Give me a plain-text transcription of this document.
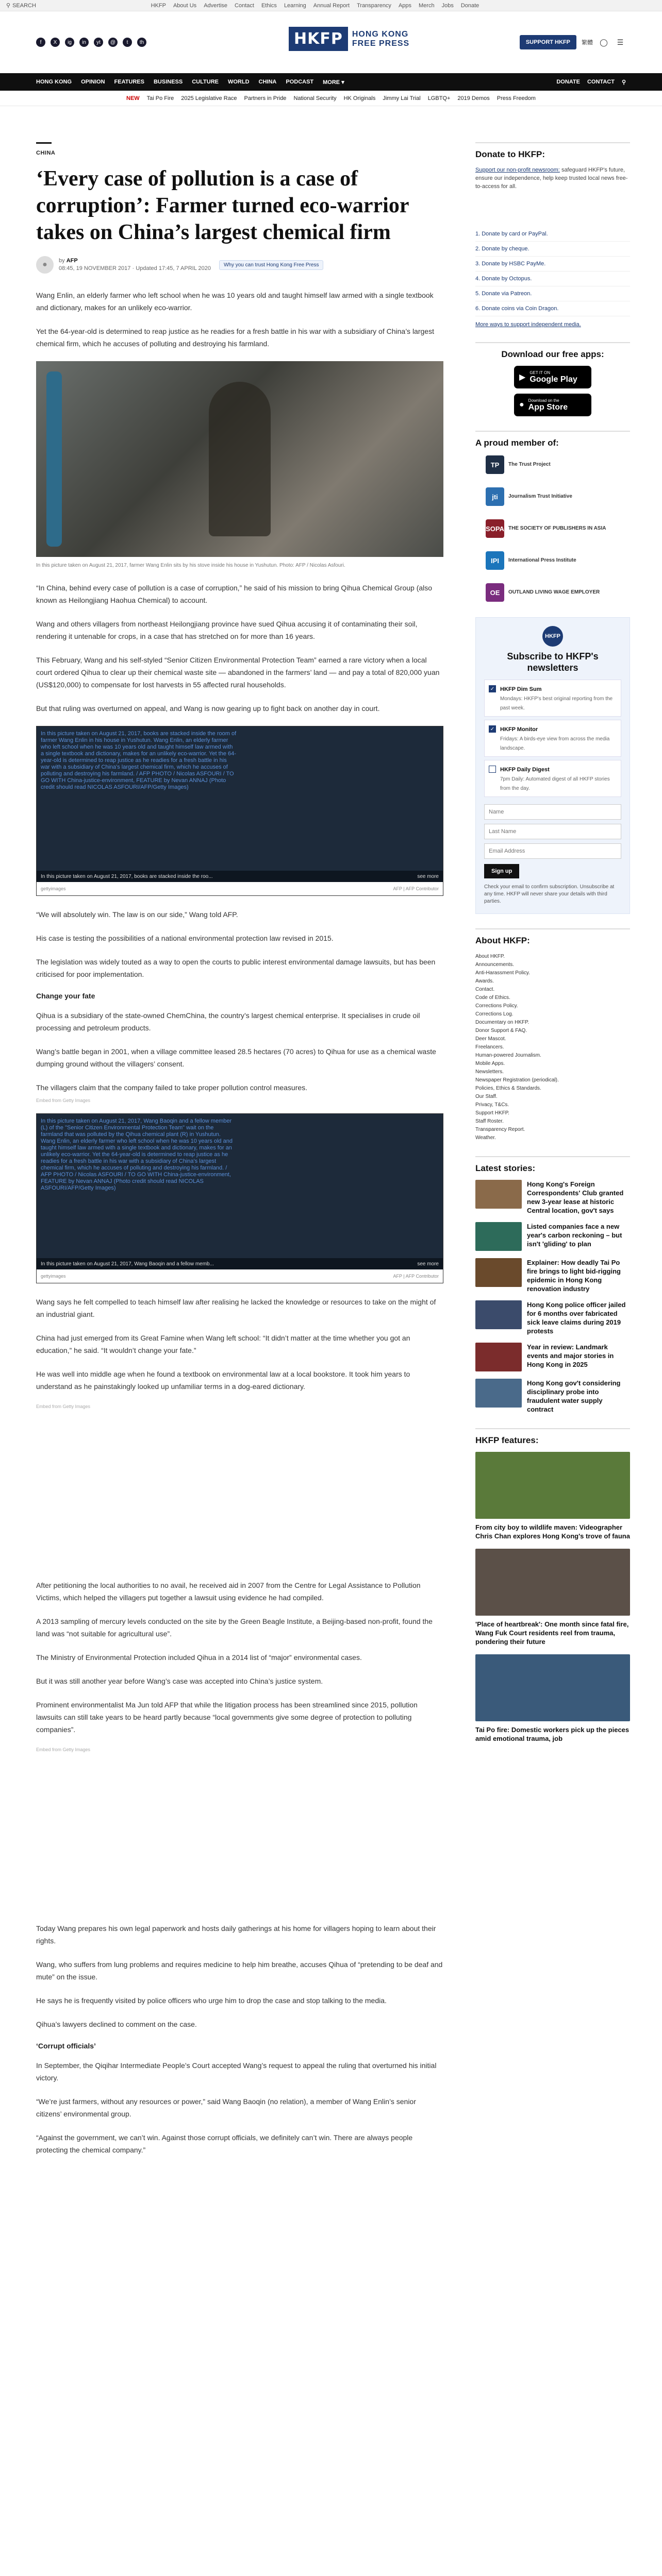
⚲ SEARCH	HKFP About Us Advertise Contact Ethics Learning Annual Report Transparency Apps Merch Jobs Donate
f	X	ig	in	yt	@	t	th	HKFP	HONG KONG
FREE PRESS	SUPPORT HKFP	繁體 ◯	☰
HONG KONG OPINION FEATURES BUSINESS CULTURE WORLD CHINA PODCAST MORE ▾	DONATE CONTACT ⚲
NEW Tai Po Fire 2025 Legislative Race Partners in Pride National Security HK Originals Jimmy Lai Trial LGBTQ+ 2019 Demos Press Freedom
CHINA
‘Every case of pollution is a case of corruption’: Farmer turned eco-warrior takes on China’s largest chemical firm
●	by AFP
08:45, 19 NOVEMBER 2017 · Updated 17:45, 7 APRIL 2020
Why you can trust Hong Kong Free Press

Wang Enlin, an elderly farmer who left school when he was 10 years old and taught himself law armed with a single textbook and dictionary, makes for an unlikely eco-warrior.

Yet the 64-year-old is determined to reap justice as he readies for a fresh battle in his war with a subsidiary of China’s largest chemical firm, which he accuses of polluting and destroying his farmland.

In this picture taken on August 21, 2017, farmer Wang Enlin sits by his stove inside his house in Yushutun. Photo: AFP / Nicolas Asfouri.

“In China, behind every case of pollution is a case of corruption,” he said of his mission to bring Qihua Chemical Group (also known as Heilongjiang Haohua Chemical) to account.

Wang and others villagers from northeast Heilongjiang province have sued Qihua accusing it of contaminating their soil, rendering it untenable for crops, in a case that has stretched on for more than 16 years.

This February, Wang and his self-styled “Senior Citizen Environmental Protection Team” earned a rare victory when a local court ordered Qihua to clear up their chemical waste site — abandoned in the farmers’ land — and pay a total of 820,000 yuan (US$120,000) to compensate for lost harvests in 55 affected rural households.

But that ruling was overturned on appeal, and Wang is now gearing up to fight back on another day in court.

In this picture taken on August 21, 2017, books are stacked inside the room of farmer Wang Enlin in his house in Yushutun. Wang Enlin, an elderly farmer who left school when he was 10 years old and taught himself law armed with a single textbook and dictionary, makes for an unlikely eco-warrior. Yet the 64-year-old is determined to reap justice as he readies for a fresh battle in his war with a subsidiary of China's largest chemical firm, which he accuses of polluting and destroying his farmland. / AFP PHOTO / Nicolas ASFOURI / TO GO WITH China-justice-environment, FEATURE by Nevan ANNAJ (Photo credit should read NICOLAS ASFOURI/AFP/Getty Images)
In this picture taken on August 21, 2017, books are stacked inside the roo...	see more
gettyimages	AFP | AFP Contributor

“We will absolutely win. The law is on our side,” Wang told AFP.

His case is testing the possibilities of a national environmental protection law revised in 2015.

The legislation was widely touted as a way to open the courts to public interest environmental damage lawsuits, but has been criticised for poor implementation.

Change your fate

Qihua is a subsidiary of the state-owned ChemChina, the country’s largest chemical enterprise. It specialises in crude oil processing and petroleum products.

Wang’s battle began in 2001, when a village committee leased 28.5 hectares (70 acres) to Qihua for use as a chemical waste dumping ground without the villagers’ consent.

The villagers claim that the company failed to take proper pollution control measures.

Embed from Getty Images
In this picture taken on August 21, 2017, Wang Baoqin and a fellow member (L) of the "Senior Citizen Environmental Protection Team" wait on the farmland that was polluted by the Qihua chemical plant (R) in Yushutun. Wang Enlin, an elderly farmer who left school when he was 10 years old and taught himself law armed with a single textbook and dictionary, makes for an unlikely eco-warrior. Yet the 64-year-old is determined to reap justice as he readies for a fresh battle in his war with a subsidiary of China's largest chemical firm, which he accuses of polluting and destroying his farmland. / AFP PHOTO / Nicolas ASFOURI / TO GO WITH China-justice-environment, FEATURE by Nevan ANNAJ (Photo credit should read NICOLAS ASFOURI/AFP/Getty Images)
In this picture taken on August 21, 2017, Wang Baoqin and a fellow memb...	see more
gettyimages	AFP | AFP Contributor

Wang says he felt compelled to teach himself law after realising he lacked the knowledge or resources to take on the might of an industrial giant.

China had just emerged from its Great Famine when Wang left school: “It didn’t matter at the time whether you got an education,” he said. “It wouldn’t change your fate.”

He was well into middle age when he found a textbook on environmental law at a local bookstore. It took him years to understand as he painstakingly looked up unfamiliar terms in a dog-eared dictionary.

Embed from Getty Images

After petitioning the local authorities to no avail, he received aid in 2007 from the Centre for Legal Assistance to Pollution Victims, which helped the villagers put together a lawsuit using evidence he had compiled.

A 2013 sampling of mercury levels conducted on the site by the Green Beagle Institute, a Beijing-based non-profit, found the land was “not suitable for agricultural use”.

The Ministry of Environmental Protection included Qihua in a 2014 list of “major” environmental cases.

But it was still another year before Wang’s case was accepted into China’s justice system.

Prominent environmentalist Ma Jun told AFP that while the litigation process has been streamlined since 2015, pollution lawsuits can still take years to be heard partly because “local governments give some degree of protection to polluting companies”.

Embed from Getty Images

Today Wang prepares his own legal paperwork and hosts daily gatherings at his home for villagers hoping to learn about their rights.

Wang, who suffers from lung problems and requires medicine to help him breathe, accuses Qihua of “pretending to be deaf and mute” on the issue.

He says he is frequently visited by police officers who urge him to drop the case and stop talking to the media.

Qihua’s lawyers declined to comment on the case.

‘Corrupt officials’

In September, the Qiqihar Intermediate People’s Court accepted Wang’s request to appeal the ruling that overturned his initial victory.

“We’re just farmers, without any resources or power,” said Wang Baoqin (no relation), a member of Wang Enlin’s senior citizens’ environmental group.

“Against the government, we can’t win. Against those corrupt officials, we definitely can’t win. There are always people protecting the chemical company.”

Donate to HKFP:
Support our non-profit newsroom: safeguard HKFP's future, ensure our independence, help keep trusted local news free-to-access for all.
1. Donate by card or PayPal.
2. Donate by cheque.
3. Donate by HSBC PayMe.
4. Donate by Octopus.
5. Donate via Patreon.
6. Donate coins via Coin Dragon.
More ways to support independent media.
Download our free apps:
▶
GET IT ON
Google Play
● Download on the
App Store
A proud member of:
TP	The Trust Project
jti	Journalism Trust Initiative
SOPA THE SOCIETY OF PUBLISHERS IN ASIA
IPI	International Press Institute
OE	OUTLAND LIVING WAGE EMPLOYER
HKFP
Subscribe to HKFP's newsletters
✓ HKFP Dim Sum
Mondays: HKFP's best original reporting from the past week.
✓ HKFP Monitor
Fridays: A birds-eye view from across the media landscape.
HKFP Daily Digest
7pm Daily: Automated digest of all HKFP stories from the day.
Name Last Name Email Address
Sign up
Check your email to confirm subscription. Unsubscribe at any time. HKFP will never share your details with third parties.
About HKFP:
About HKFP.
Announcements.
Anti-Harassment Policy.
Awards.
Contact.
Code of Ethics.
Corrections Policy.
Corrections Log.
Documentary on HKFP.
Donor Support & FAQ.
Deer Mascot.
Freelancers.
Human-powered Journalism.
Mobile Apps.
Newsletters.
Newspaper Registration (periodical).
Policies, Ethics & Standards.
Our Staff.
Privacy, T&Cs.
Support HKFP.
Staff Roster.
Transparency Report.
Weather.
Latest stories:
Hong Kong's Foreign Correspondents' Club granted new 3-year lease at historic Central location, gov't says
Listed companies face a new year's carbon reckoning – but isn't 'gliding' to plan
Explainer: How deadly Tai Po fire brings to light bid-rigging epidemic in Hong Kong renovation industry
Hong Kong police officer jailed for 6 months over fabricated sick leave claims during 2019 protests
Year in review: Landmark events and major stories in Hong Kong in 2025
Hong Kong gov't considering disciplinary probe into fraudulent water supply contract
HKFP features:
From city boy to wildlife maven: Videographer Chris Chan explores Hong Kong's trove of fauna
'Place of heartbreak': One month since fatal fire, Wang Fuk Court residents reel from trauma, pondering their future
Tai Po fire: Domestic workers pick up the pieces amid emotional trauma, job
